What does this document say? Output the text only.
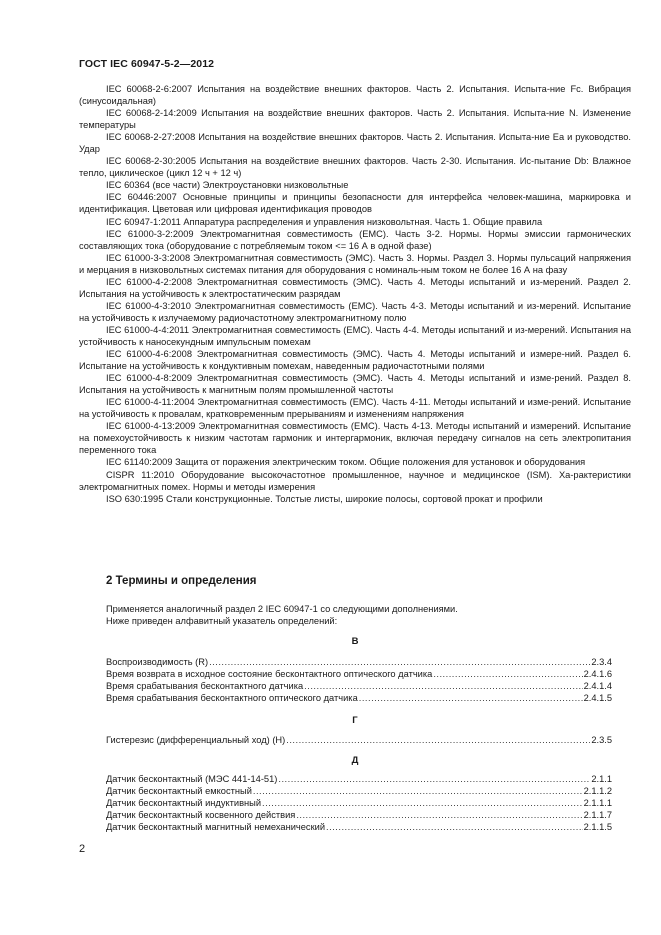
ГОСТ IEC 60947-5-2—2012

IEC 60068-2-6:2007 Испытания на воздействие внешних факторов. Часть 2. Испытания. Испыта-ние Fc. Вибрация (синусоидальная)

IEC 60068-2-14:2009 Испытания на воздействие внешних факторов. Часть 2. Испытания. Испыта-ние N. Изменение температуры

IEC 60068-2-27:2008 Испытания на воздействие внешних факторов. Часть 2. Испытания. Испыта-ние Ea и руководство. Удар

IEC 60068-2-30:2005 Испытания на воздействие внешних факторов. Часть 2-30. Испытания. Ис-пытание Db: Влажное тепло, циклическое (цикл 12 ч + 12 ч)

IEC 60364 (все части) Электроустановки низковольтные

IEC 60446:2007 Основные принципы и принципы безопасности для интерфейса человек-машина, маркировка и идентификация. Цветовая или цифровая идентификация проводов

IEC 60947-1:2011 Аппаратура распределения и управления низковольтная. Часть 1. Общие правила

IEC 61000-3-2:2009 Электромагнитная совместимость (ЕМС). Часть 3-2. Нормы. Нормы эмиссии гармонических составляющих тока (оборудование с потребляемым током <= 16 А в одной фазе)

IEC 61000-3-3:2008 Электромагнитная совместимость (ЭМС). Часть 3. Нормы. Раздел 3. Нормы пульсаций напряжения и мерцания в низковольтных системах питания для оборудования с номиналь-ным током не более 16 А на фазу

IEC 61000-4-2:2008 Электромагнитная совместимость (ЭМС). Часть 4. Методы испытаний и из-мерений. Раздел 2. Испытания на устойчивость к электростатическим разрядам

IEC 61000-4-3:2010 Электромагнитная совместимость (ЕМС). Часть 4-3. Методы испытаний и из-мерений. Испытание на устойчивость к излучаемому радиочастотному электромагнитному полю

IEC 61000-4-4:2011 Электромагнитная совместимость (ЕМС). Часть 4-4. Методы испытаний и из-мерений. Испытания на устойчивость к наносекундным импульсным помехам

IEC 61000-4-6:2008 Электромагнитная совместимость (ЭМС). Часть 4. Методы испытаний и измере-ний. Раздел 6. Испытание на устойчивость к кондуктивным помехам, наведенным радиочастотными полями

IEC 61000-4-8:2009 Электромагнитная совместимость (ЭМС). Часть 4. Методы испытаний и изме-рений. Раздел 8. Испытания на устойчивость к магнитным полям промышленной частоты

IEC 61000-4-11:2004 Электромагнитная совместимость (ЕМС). Часть 4-11. Методы испытаний и изме-рений. Испытание на устойчивость к провалам, кратковременным прерываниям и изменениям напряжения

IEC 61000-4-13:2009 Электромагнитная совместимость (ЕМС). Часть 4-13. Методы испытаний и измерений. Испытание на помехоустойчивость к низким частотам гармоник и интергармоник, включая передачу сигналов на сеть электропитания переменного тока

IEC 61140:2009 Защита от поражения электрическим током. Общие положения для установок и оборудования

CISPR 11:2010 Оборудование высокочастотное промышленное, научное и медицинское (ISM). Ха-рактеристики электромагнитных помех. Нормы и методы измерения

ISO 630:1995 Стали конструкционные. Толстые листы, широкие полосы, сортовой прокат и профили

2 Термины и определения

Применяется аналогичный раздел 2 IEC 60947-1 со следующими дополнениями.

Ниже приведен алфавитный указатель определений:

В
Воспроизводимость (R) .....	2.3.4
Время возврата в исходное состояние бесконтактного оптического датчика .....	2.4.1.6
Время срабатывания бесконтактного датчика .....	2.4.1.4
Время срабатывания бесконтактного оптического датчика .....	2.4.1.5
Г
Гистерезис (дифференциальный ход) (H) .....	2.3.5
Д
Датчик бесконтактный (МЭС 441-14-51) .....	2.1.1
Датчик бесконтактный емкостный .....	2.1.1.2
Датчик бесконтактный индуктивный .....	2.1.1.1
Датчик бесконтактный косвенного действия .....	2.1.1.7
Датчик бесконтактный магнитный немеханический .....	2.1.1.5
2
